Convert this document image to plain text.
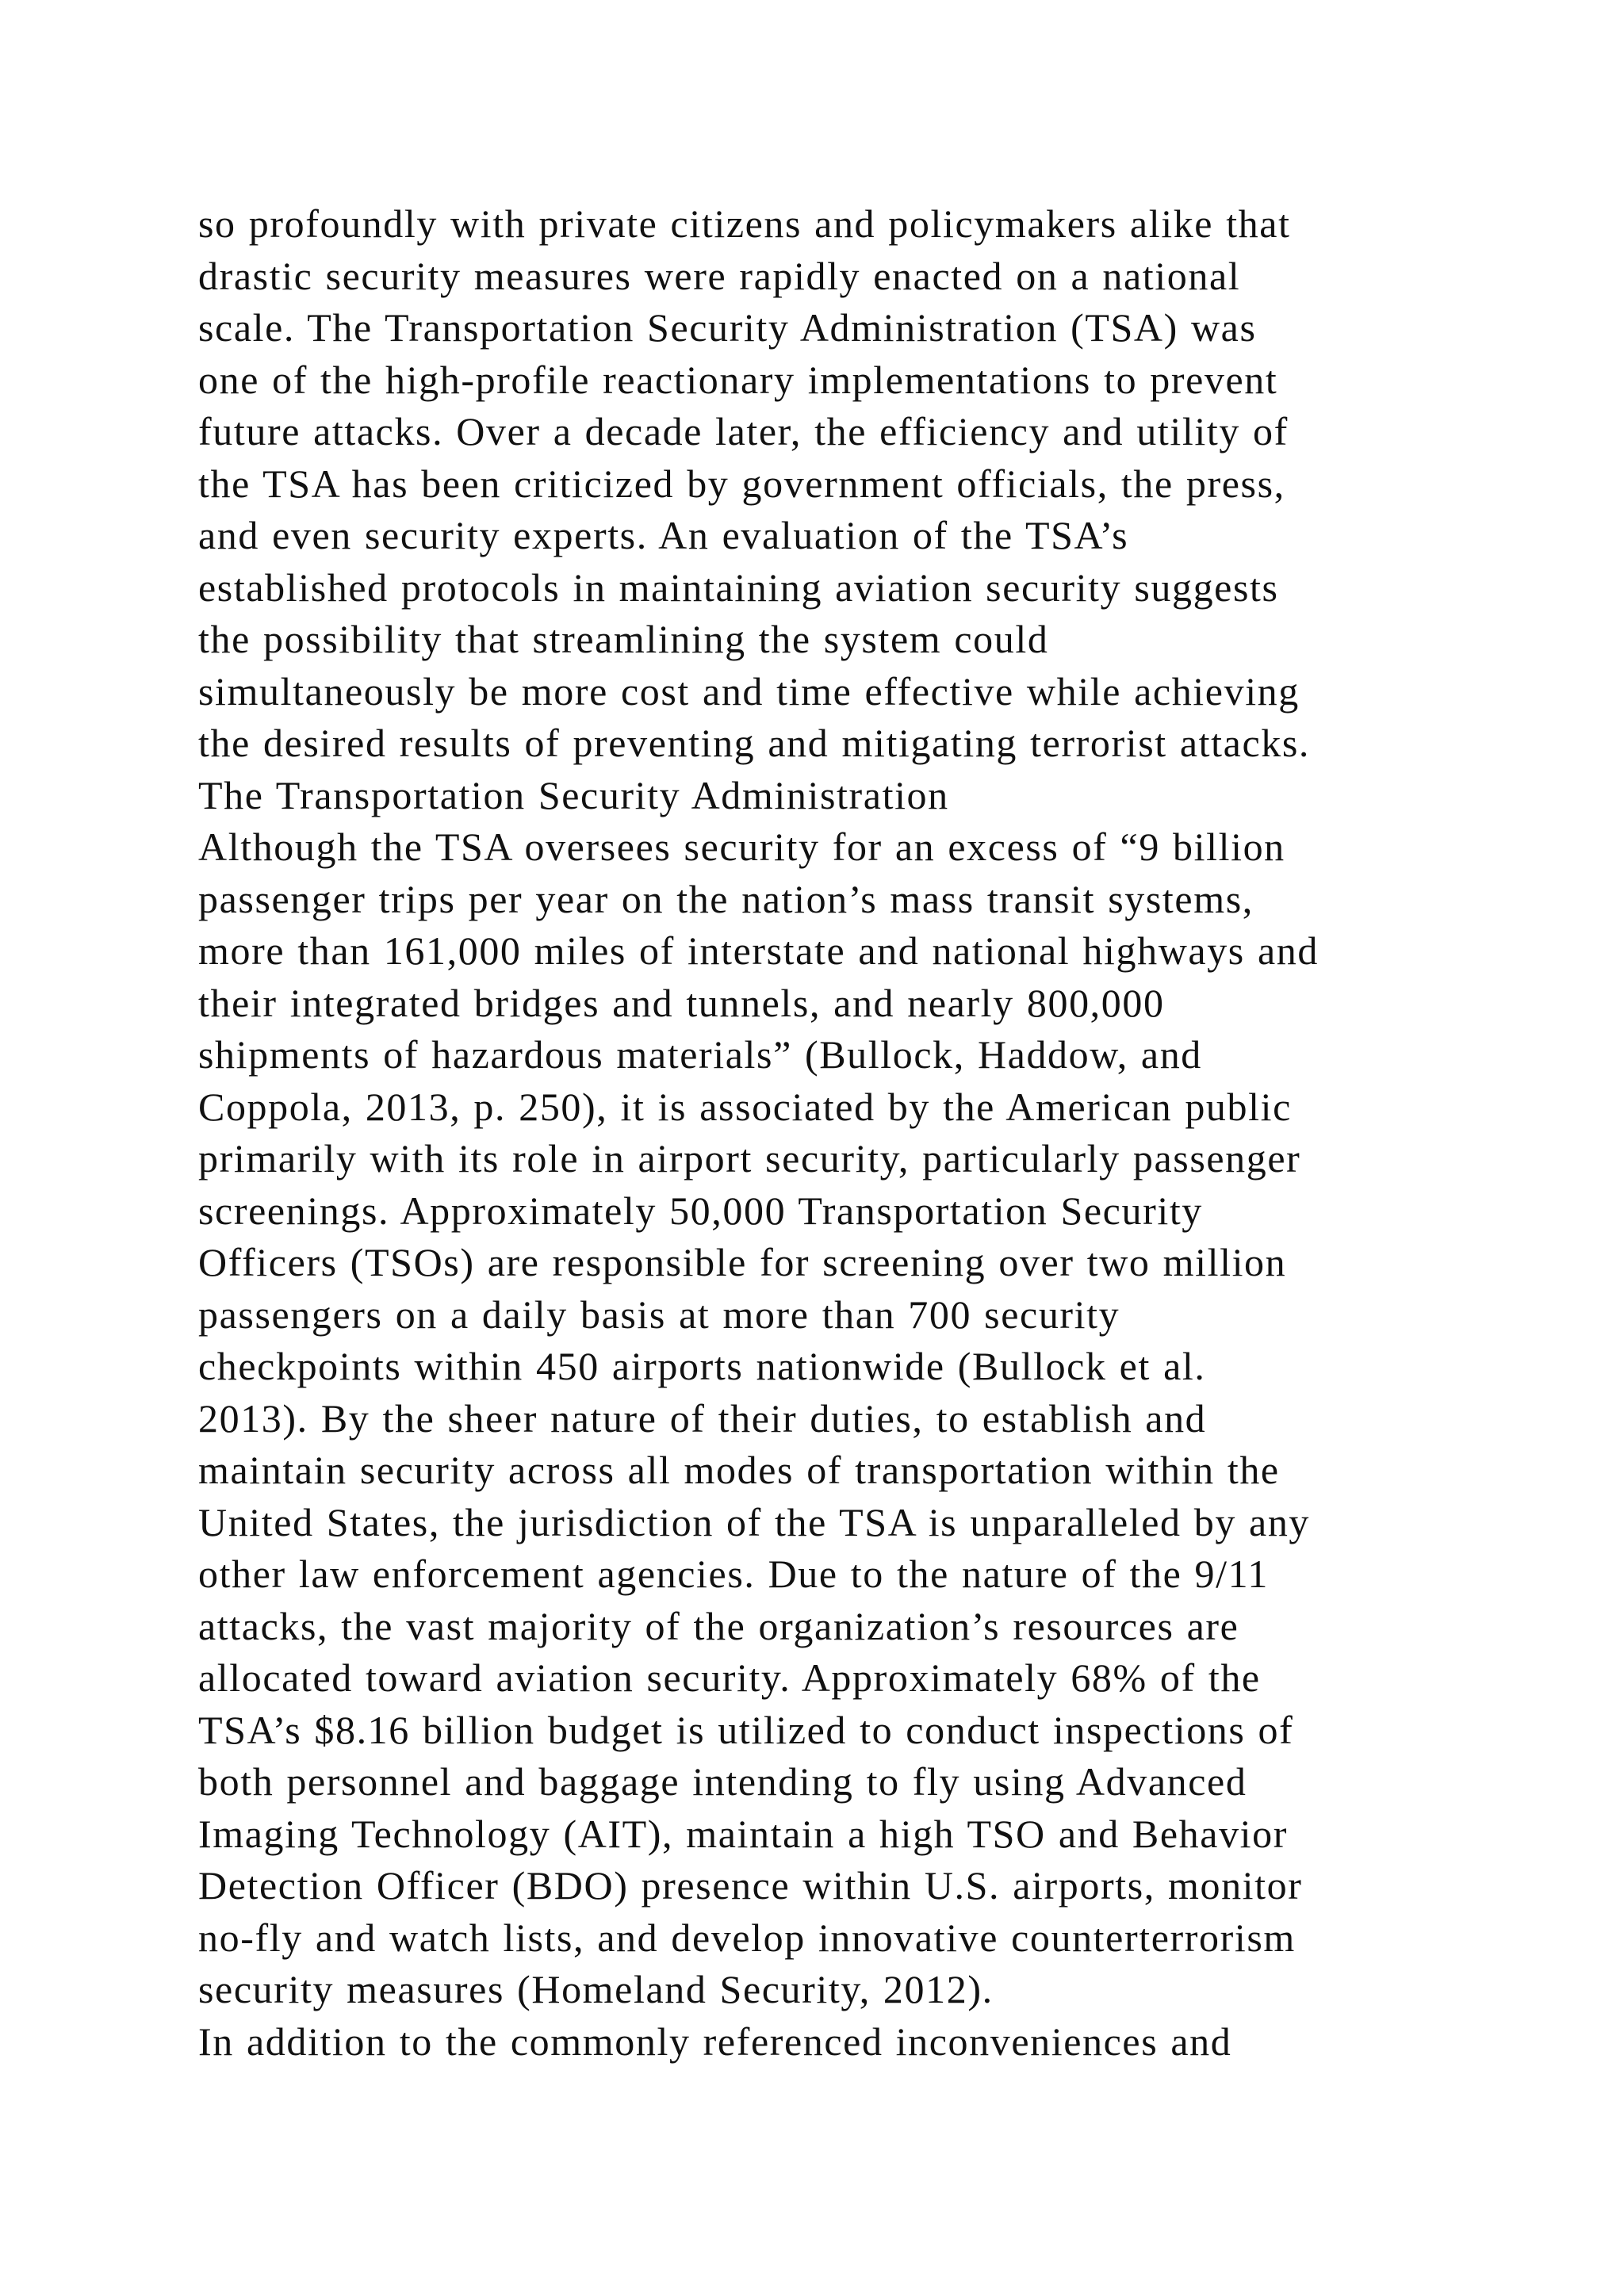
so profoundly with private citizens and policymakers alike that
drastic security measures were rapidly enacted on a national
scale. The Transportation Security Administration (TSA) was
one of the high-profile reactionary implementations to prevent
future attacks. Over a decade later, the efficiency and utility of
the TSA has been criticized by government officials, the press,
and even security experts. An evaluation of the TSA’s
established protocols in maintaining aviation security suggests
the possibility that streamlining the system could
simultaneously be more cost and time effective while achieving
the desired results of preventing and mitigating terrorist attacks.
The Transportation Security Administration
Although the TSA oversees security for an excess of “9 billion
passenger trips per year on the nation’s mass transit systems,
more than 161,000 miles of interstate and national highways and
their integrated bridges and tunnels, and nearly 800,000
shipments of hazardous materials” (Bullock, Haddow, and
Coppola, 2013, p. 250), it is associated by the American public
primarily with its role in airport security, particularly passenger
screenings. Approximately 50,000 Transportation Security
Officers (TSOs) are responsible for screening over two million
passengers on a daily basis at more than 700 security
checkpoints within 450 airports nationwide (Bullock et al.
2013). By the sheer nature of their duties, to establish and
maintain security across all modes of transportation within the
United States, the jurisdiction of the TSA is unparalleled by any
other law enforcement agencies. Due to the nature of the 9/11
attacks, the vast majority of the organization’s resources are
allocated toward aviation security. Approximately 68% of the
TSA’s $8.16 billion budget is utilized to conduct inspections of
both personnel and baggage intending to fly using Advanced
Imaging Technology (AIT), maintain a high TSO and Behavior
Detection Officer (BDO) presence within U.S. airports, monitor
no-fly and watch lists, and develop innovative counterterrorism
security measures (Homeland Security, 2012).
In addition to the commonly referenced inconveniences and
